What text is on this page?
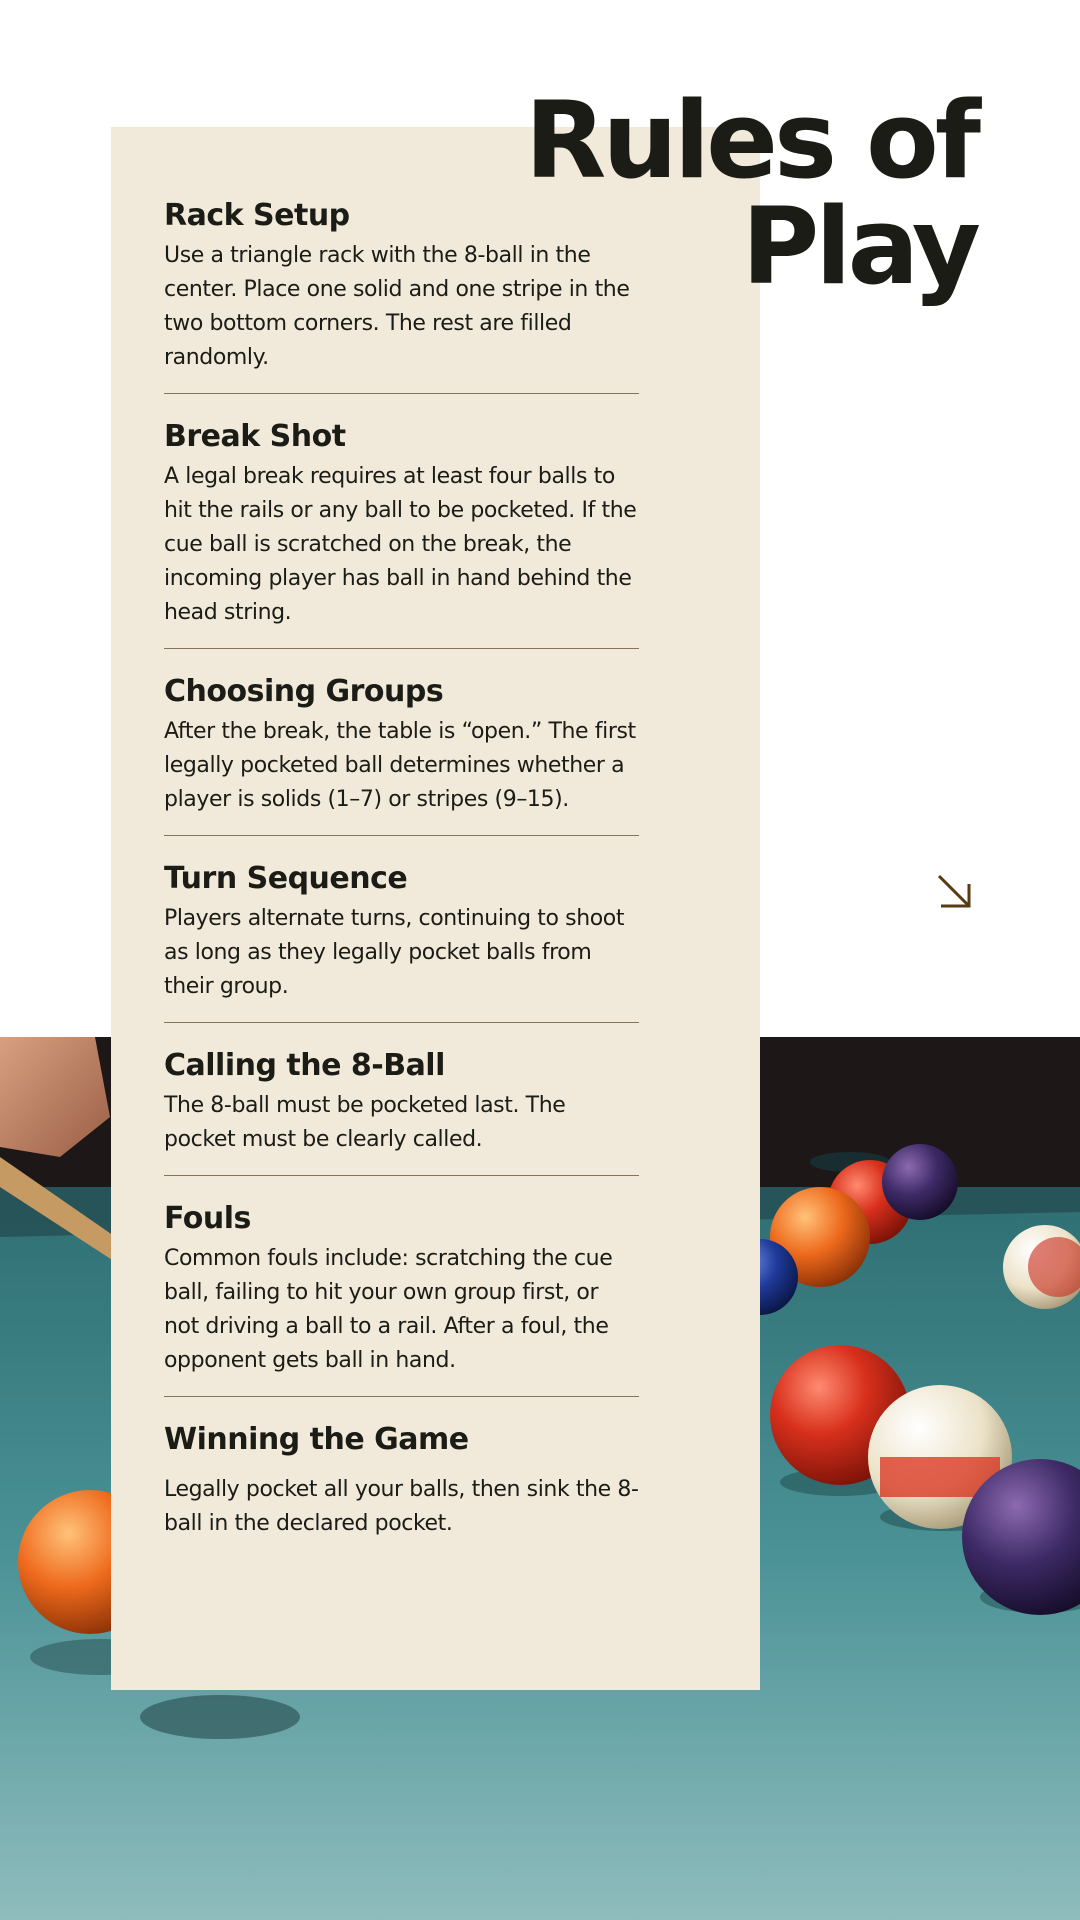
Rules of
Play
Rack Setup

Use a triangle rack with the 8-ball in the center. Place one solid and one stripe in the two bottom corners. The rest are filled randomly.

Break Shot

A legal break requires at least four balls to hit the rails or any ball to be pocketed. If the cue ball is scratched on the break, the incoming player has ball in hand behind the head string.

Choosing Groups

After the break, the table is “open.” The first legally pocketed ball determines whether a player is solids (1–7) or stripes (9–15).

Turn Sequence

Players alternate turns, continuing to shoot as long as they legally pocket balls from their group.

Calling the 8-Ball

The 8-ball must be pocketed last. The pocket must be clearly called.

Fouls

Common fouls include: scratching the cue ball, failing to hit your own group first, or not driving a ball to a rail. After a foul, the opponent gets ball in hand.

Winning the Game

Legally pocket all your balls, then sink the 8-ball in the declared pocket.
